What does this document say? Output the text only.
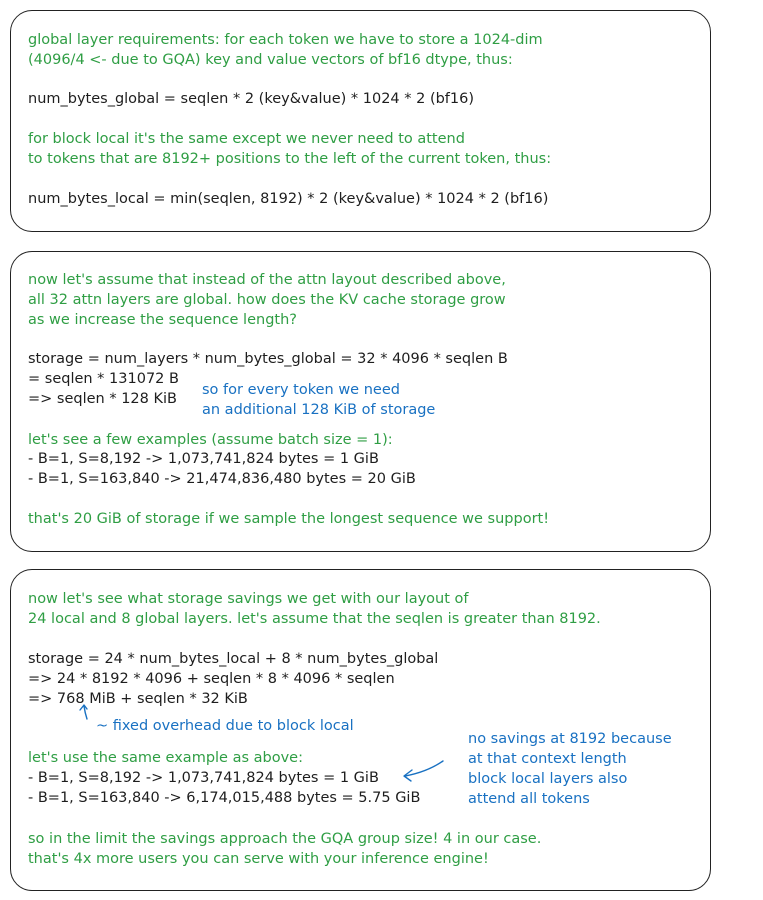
global layer requirements: for each token we have to store a 1024-dim
(4096/4 <- due to GQA) key and value vectors of bf16 dtype, thus:
num_bytes_global = seqlen * 2 (key&value) * 1024 * 2 (bf16)
for block local it's the same except we never need to attend
to tokens that are 8192+ positions to the left of the current token, thus:
num_bytes_local = min(seqlen, 8192) * 2 (key&value) * 1024 * 2 (bf16)
now let's assume that instead of the attn layout described above,
all 32 attn layers are global. how does the KV cache storage grow
as we increase the sequence length?
storage = num_layers * num_bytes_global = 32 * 4096 * seqlen B
= seqlen * 131072 B
=> seqlen * 128 KiB
so for every token we need
an additional 128 KiB of storage
let's see a few examples (assume batch size = 1):
- B=1, S=8,192 -> 1,073,741,824 bytes = 1 GiB
- B=1, S=163,840 -> 21,474,836,480 bytes = 20 GiB
that's 20 GiB of storage if we sample the longest sequence we support!
now let's see what storage savings we get with our layout of
24 local and 8 global layers. let's assume that the seqlen is greater than 8192.
storage = 24 * num_bytes_local + 8 * num_bytes_global
=> 24 * 8192 * 4096 + seqlen * 8 * 4096 * seqlen
=> 768 MiB + seqlen * 32 KiB
~ fixed overhead due to block local
let's use the same example as above:
- B=1, S=8,192 -> 1,073,741,824 bytes = 1 GiB
- B=1, S=163,840 -> 6,174,015,488 bytes = 5.75 GiB
no savings at 8192 because
at that context length
block local layers also
attend all tokens
so in the limit the savings approach the GQA group size! 4 in our case.
that's 4x more users you can serve with your inference engine!
